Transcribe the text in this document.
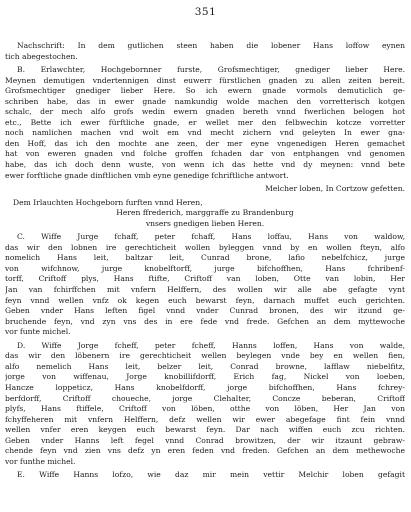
351
Nachschrift: In dem gutlichen steen haben die lobener Hans loffow eynen
tich abegestochen.
B. Erlawchter, Hochgebornner furste, Grofsmechtiger, gnediger lieber Here.
Meynen demutigen vndertennigen dinst euwerr fürstlichen gnaden zu allen zeiten bereit.
Grofsmechtiger gnediger lieber Here. So ich ewern gnade vormols demuticlich ge-
schriben habe, das in ewer gnade namkundig wolde machen den vorretterisch kotgen
schalc, der mech alfo grofs wedin ewern gnaden bereth vnnd fwerlichen belogen hot
etc., Bette ich ewer fürftliche gnade, er wellet mer den felbwechin kotcze vorretter
noch namlichen machen vnd wolt em vnd mecht zichern vnd geleyten In ewer gna-
den Hoff, das ich den mochte ane zeen, der mer eyne vngenedigen Heren gemachet
hat von eweren gnaden vnd folche groffen fchaden dar von entphangen vnd genomen
habe, das ich doch denn wuste, von wenn ich das hette vnd dy meynen: vnnd bete
ewer forftliche gnade dinftlichen vmb eyne genedige fchriftliche antwort.
Melcher loben, In Cortzow gefetten.
Dem Irlauchten Hochgeborn furften vnnd Heren,
Heren ffrederich, marggraffe zu Brandenburg
vnsers gnedigen lieben Heren.
C. Wiffe Jurge fchaff, peter fchaff, Hans loffau, Hans von waldow,
das wir den lobnen ire gerechticheit wollen byleggen vnnd by en wollen fteyn, alfo
nomelich Hans leit, baltzar leit, Cunrad brone, lafio nebelfchicz, jurge
von wifchnow, jurge knobelftorff, jurge bifchoffhen, Hans fchribenf-
torff, Criftoff plys, Hans ftifte, Criftoff van loben, Otte van lobin, Her
Jan van fchirffchen mit vnfern Helffern, des wollen wir alle abe gefagte vynt
feyn vnnd wellen vnfz ok kegen euch bewarst feyn, darnach muffet euch gerichten.
Geben vnder Hans leften figel vnnd vnder Cunrad bronen, des wir itzund ge-
bruchende feyn, vnd zyn vns des in ere fede vnd frede. Gefchen an dem myttewoche
vor funte michel.
D. Wiffe Jorge fcheff, peter fcheff, Hanns loffen, Hans von walde,
das wir den löbenern ire gerechticheit wellen beylegen vnde bey en wellen fien,
alfo nemelich Hans leit, belzer leit, Conrad browne, lafflaw niebelfitz,
jorge von wiffenau, Jorge knobillifdorff, Erich fag, Nickel von loeben,
Hancze loppeticz, Hans knobelfdorff, jorge bifchoffhen, Hans fchrey-
berfdorff, Criftoff choueche, jorge Clehalter, Concze beberan, Criftoff
plyfs, Hans ftiffele, Criftoff von löben, otthe von löben, Her Jan von
fchyffeheren mit vnfern Helffern, defz wellen wir ewer abegefage fint fein vnnd
wellen vnfer eren keygen euch bewarst feyn. Dar nach wiffen euch zcu richten.
Geben vnder Hanns left fegel vnnd Conrad browitzen, der wir itzaunt gebraw-
chende feyn vnd zien vns defz yn eren feden vnd freden. Gefchen an dem methewoche
vor funthe michel.
E. Wiffe Hanns lofzo, wie daz mir mein vettir Melchir loben gefagit
